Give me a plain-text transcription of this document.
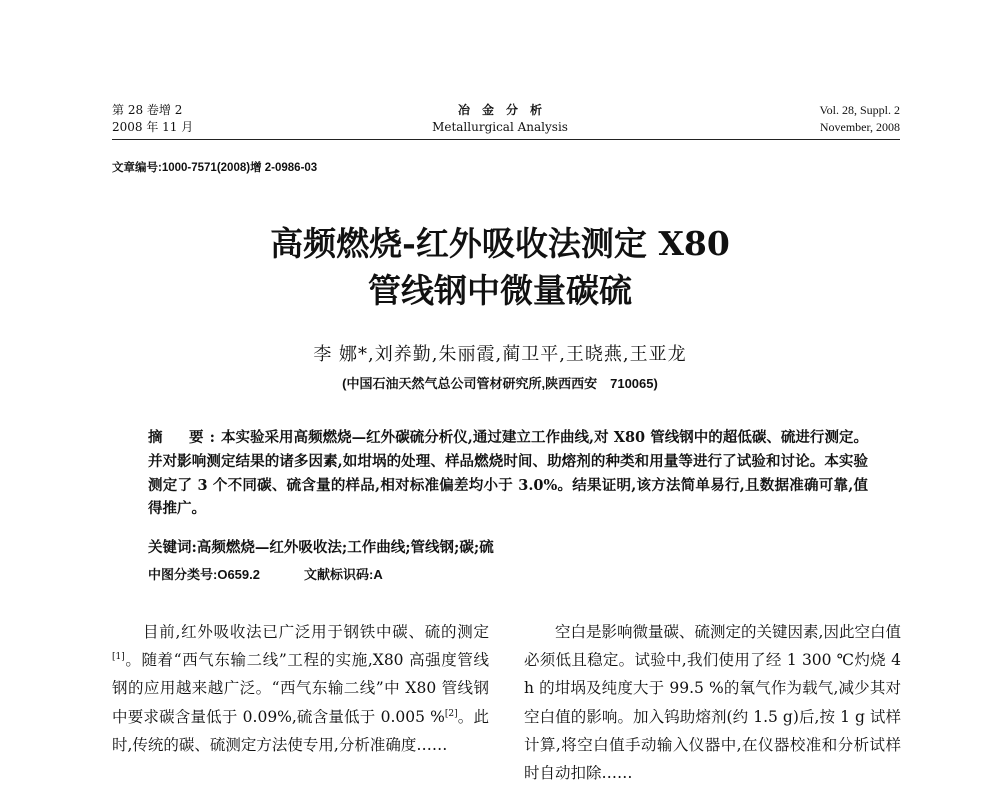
第 28 卷增 2
2008 年 11 月
冶　金　分　析
Metallurgical Analysis
Vol. 28, Suppl. 2
November, 2008
文章编号:1000-7571(2008)增 2-0986-03
高频燃烧-红外吸收法测定 X80
管线钢中微量碳硫
李 娜*,刘养勤,朱丽霞,蔺卫平,王晓燕,王亚龙
(中国石油天然气总公司管材研究所,陕西西安　710065)
摘　要:本实验采用高频燃烧—红外碳硫分析仪,通过建立工作曲线,对 X80 管线钢中的超低碳、硫进行测定。并对影响测定结果的诸多因素,如坩埚的处理、样品燃烧时间、助熔剂的种类和用量等进行了试验和讨论。本实验测定了 3 个不同碳、硫含量的样品,相对标准偏差均小于 3.0%。结果证明,该方法简单易行,且数据准确可靠,值得推广。
关键词:高频燃烧—红外吸收法;工作曲线;管线钢;碳;硫
中图分类号:O659.2	文献标识码:A

目前,红外吸收法已广泛用于钢铁中碳、硫的测定[1]。随着“西气东输二线”工程的实施,X80 高强度管线钢的应用越来越广泛。“西气东输二线”中 X80 管线钢中要求碳含量低于 0.09%,硫含量低于 0.005 %[2]。此时,传统的碳、硫测定方法使专用,分析准确度……

空白是影响微量碳、硫测定的关键因素,因此空白值必须低且稳定。试验中,我们使用了经 1 300 ℃灼烧 4 h 的坩埚及纯度大于 99.5 %的氧气作为载气,减少其对空白值的影响。加入钨助熔剂(约 1.5 g)后,按 1 g 试样计算,将空白值手动输入仪器中,在仪器校准和分析试样时自动扣除……
